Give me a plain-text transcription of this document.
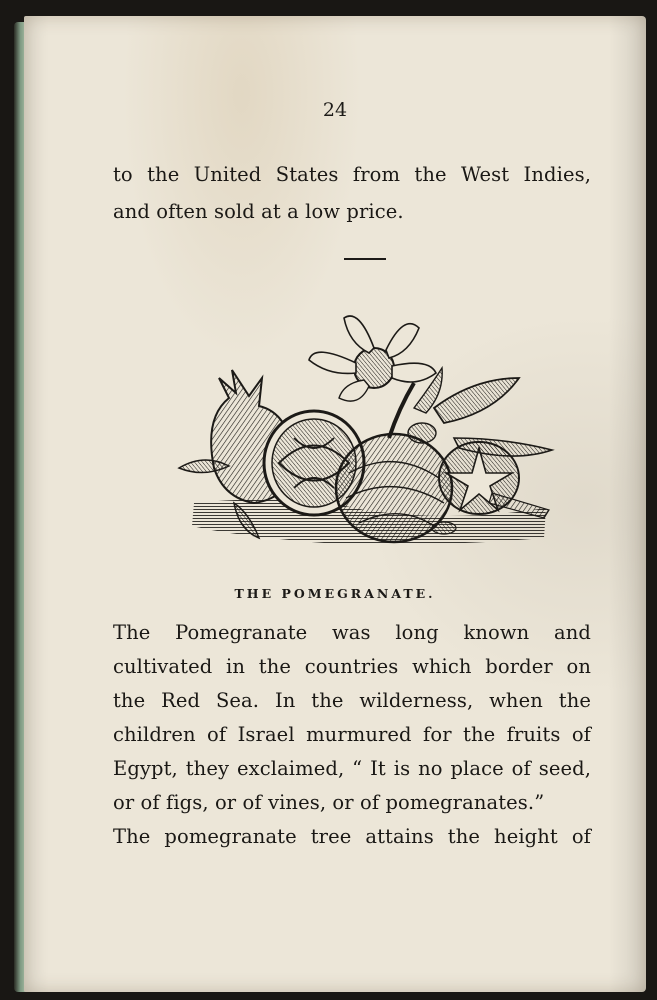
24
to the United States from the West Indies,
and often sold at a low price.
THE POMEGRANATE.
The Pomegranate was long known and
cultivated in the countries which border on
the Red Sea. In the wilderness, when the
children of Israel murmured for the fruits of
Egypt, they exclaimed, “ It is no place of seed,
or of figs, or of vines, or of pomegranates.”
The pomegranate tree attains the height of
